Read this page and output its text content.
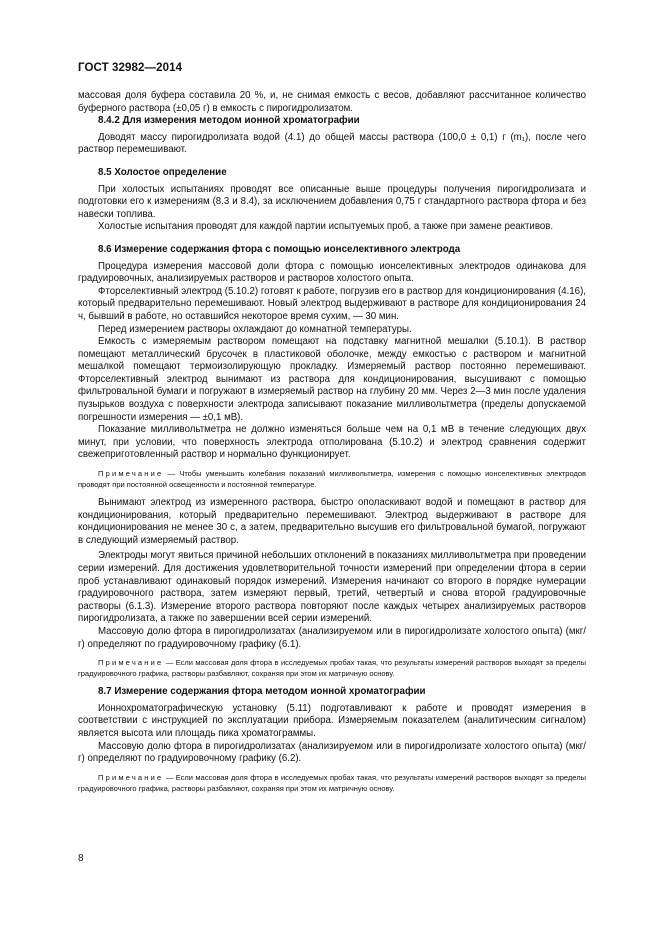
ГОСТ 32982—2014

массовая доля буфера составила 20 %, и, не снимая емкость с весов, добавляют рассчитанное количество буферного раствора (±0,05 г) в емкость с пирогидролизатом.

8.4.2 Для измерения методом ионной хроматографии

Доводят массу пирогидролизата водой (4.1) до общей массы раствора (100,0 ± 0,1) г (m₁), после чего раствор перемешивают.

8.5 Холостое определение

При холостых испытаниях проводят все описанные выше процедуры получения пирогидролизата и подготовки его к измерениям (8.3 и 8.4), за исключением добавления 0,75 г стандартного раствора фтора и без навески топлива.

Холостые испытания проводят для каждой партии испытуемых проб, а также при замене реактивов.

8.6 Измерение содержания фтора с помощью ионселективного электрода

Процедура измерения массовой доли фтора с помощью ионселективных электродов одинакова для градуировочных, анализируемых растворов и растворов холостого опыта.

Фторселективный электрод (5.10.2) готовят к работе, погрузив его в раствор для кондиционирования (4.16), который предварительно перемешивают. Новый электрод выдерживают в растворе для кондиционирования 24 ч, бывший в работе, но оставшийся некоторое время сухим, — 30 мин.

Перед измерением растворы охлаждают до комнатной температуры.

Емкость с измеряемым раствором помещают на подставку магнитной мешалки (5.10.1). В раствор помещают металлический брусочек в пластиковой оболочке, между емкостью с раствором и магнитной мешалкой помещают термоизолирующую прокладку. Измеряемый раствор постоянно перемешивают. Фторселективный электрод вынимают из раствора для кондиционирования, высушивают с помощью фильтровальной бумаги и погружают в измеряемый раствор на глубину 20 мм. Через 2—3 мин после удаления пузырьков воздуха с поверхности электрода записывают показание милливольтметра (пределы допускаемой погрешности измерения — ±0,1 мВ).

Показание милливольтметра не должно изменяться больше чем на 0,1 мВ в течение следующих двух минут, при условии, что поверхность электрода отполирована (5.10.2) и электрод сравнения содержит свежеприготовленный раствор и нормально функционирует.

Примечание — Чтобы уменьшить колебания показаний милливольтметра, измерения с помощью ионселективных электродов проводят при постоянной освещенности и постоянной температуре.

Вынимают электрод из измеренного раствора, быстро ополаскивают водой и помещают в раствор для кондиционирования, который предварительно перемешивают. Электрод выдерживают в растворе для кондиционирования не менее 30 с, а затем, предварительно высушив его фильтровальной бумагой, погружают в следующий измеряемый раствор.

Электроды могут явиться причиной небольших отклонений в показаниях милливольтметра при проведении серии измерений. Для достижения удовлетворительной точности измерений при определении фтора в серии проб устанавливают одинаковый порядок измерений. Измерения начинают со второго в порядке нумерации градуировочного раствора, затем измеряют первый, третий, четвертый и снова второй градуировочные растворы (6.1.3). Измерение второго раствора повторяют после каждых четырех анализируемых растворов пирогидролизата, а также по завершении всей серии измерений.

Массовую долю фтора в пирогидролизатах (анализируемом или в пирогидролизате холостого опыта) (мкг/г) определяют по градуировочному графику (6.1).

Примечание — Если массовая доля фтора в исследуемых пробах такая, что результаты измерений растворов выходят за пределы градуировочного графика, растворы разбавляют, сохраняя при этом их матричную основу.
8.7 Измерение содержания фтора методом ионной хроматографии

Ионнохроматографическую установку (5.11) подготавливают к работе и проводят измерения в соответствии с инструкцией по эксплуатации прибора. Измеряемым показателем (аналитическим сигналом) является высота или площадь пика хроматограммы.

Массовую долю фтора в пирогидролизатах (анализируемом или в пирогидролизате холостого опыта) (мкг/г) определяют по градуировочному графику (6.2).

Примечание — Если массовая доля фтора в исследуемых пробах такая, что результаты измерений растворов выходят за пределы градуировочного графика, растворы разбавляют, сохраняя при этом их матричную основу.
8
